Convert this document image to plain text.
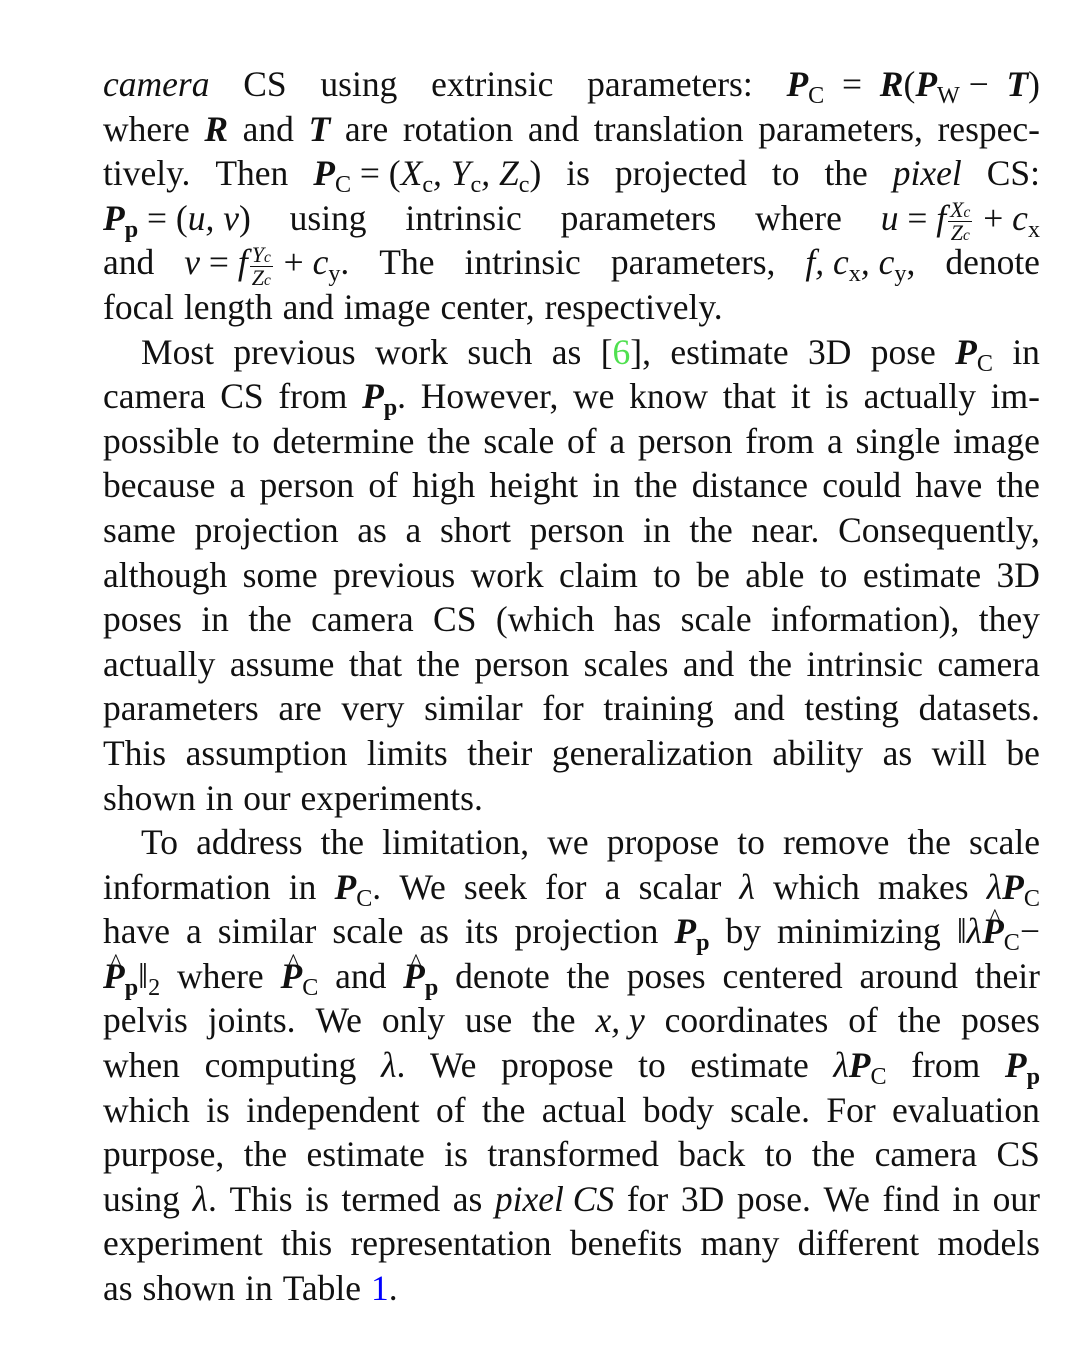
camera CS using extrinsic parameters: $P_C = R(P_W - T)$
where R and T are rotation and translation parameters, respec-
tively. Then $P_C = (X_c$, $Y_c$, $Z_c$) is projected to the pixel CS:
Pp = (u, v) using intrinsic parameters where u = f $\frac{Xc}{Zc} + c_x$
and v = f $\frac{Yc}{Zc} + c_y$. The intrinsic parameters, f, $c_x$, $c_y$, denote
focal length and image center, respectively.
Most previous work such as [6], estimate 3D pose $P_C$ in
camera CS from Pp. However, we know that it is actually im-
possible to determine the scale of a person from a single image
because a person of high height in the distance could have the
same projection as a short person in the near. Consequently,
although some previous work claim to be able to estimate 3D
poses in the camera CS (which has scale information), they
actually assume that the person scales and the intrinsic camera
parameters are very similar for training and testing datasets.
This assumption limits their generalization ability as will be
shown in our experiments.
To address the limitation, we propose to remove the scale
information in $P_C$. We seek for a scalar λ which makes $\lambda P_C$
have a similar scale as its projection Pp by minimizing ‖λ^ $P_C-$
^ $Pp‖_2$ where ^ $P_C$ and ^ Pp denote the poses centered around their
pelvis joints. We only use the x, y coordinates of the poses
when computing λ. We propose to estimate $\lambda P_C$ from Pp
which is independent of the actual body scale. For evaluation
purpose, the estimate is transformed back to the camera CS
using λ. This is termed as pixel CS for 3D pose. We find in our
experiment this representation benefits many different models
as shown in Table 1.
